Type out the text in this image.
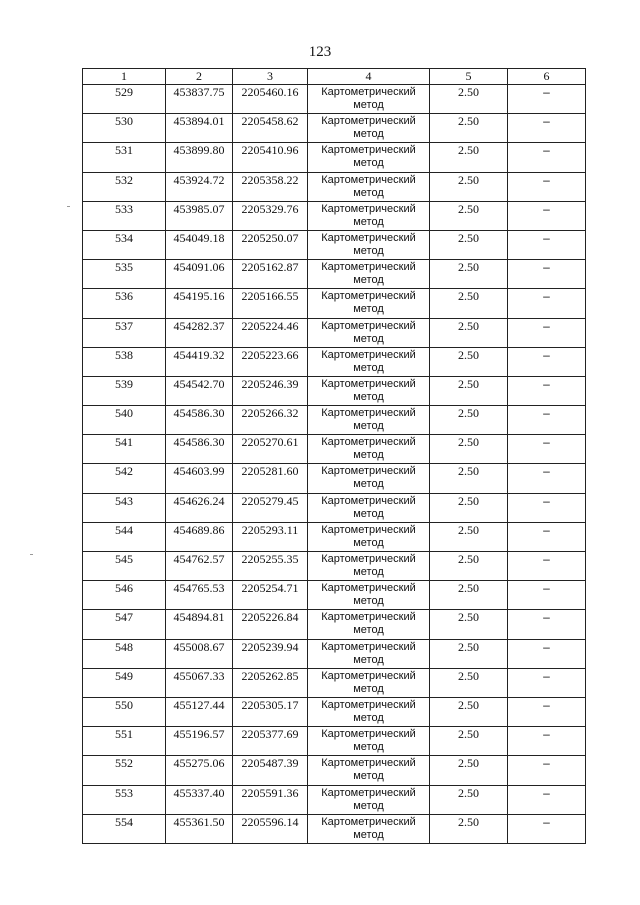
123
1	2	3	4	5	6
529	453837.75	2205460.16	Картометрический метод	2.50	–
530	453894.01	2205458.62	Картометрический метод	2.50	–
531	453899.80	2205410.96	Картометрический метод	2.50	–
532	453924.72	2205358.22	Картометрический метод	2.50	–
533	453985.07	2205329.76	Картометрический метод	2.50	–
534	454049.18	2205250.07	Картометрический метод	2.50	–
535	454091.06	2205162.87	Картометрический метод	2.50	–
536	454195.16	2205166.55	Картометрический метод	2.50	–
537	454282.37	2205224.46	Картометрический метод	2.50	–
538	454419.32	2205223.66	Картометрический метод	2.50	–
539	454542.70	2205246.39	Картометрический метод	2.50	–
540	454586.30	2205266.32	Картометрический метод	2.50	–
541	454586.30	2205270.61	Картометрический метод	2.50	–
542	454603.99	2205281.60	Картометрический метод	2.50	–
543	454626.24	2205279.45	Картометрический метод	2.50	–
544	454689.86	2205293.11	Картометрический метод	2.50	–
545	454762.57	2205255.35	Картометрический метод	2.50	–
546	454765.53	2205254.71	Картометрический метод	2.50	–
547	454894.81	2205226.84	Картометрический метод	2.50	–
548	455008.67	2205239.94	Картометрический метод	2.50	–
549	455067.33	2205262.85	Картометрический метод	2.50	–
550	455127.44	2205305.17	Картометрический метод	2.50	–
551	455196.57	2205377.69	Картометрический метод	2.50	–
552	455275.06	2205487.39	Картометрический метод	2.50	–
553	455337.40	2205591.36	Картометрический метод	2.50	–
554	455361.50	2205596.14	Картометрический метод	2.50	–
